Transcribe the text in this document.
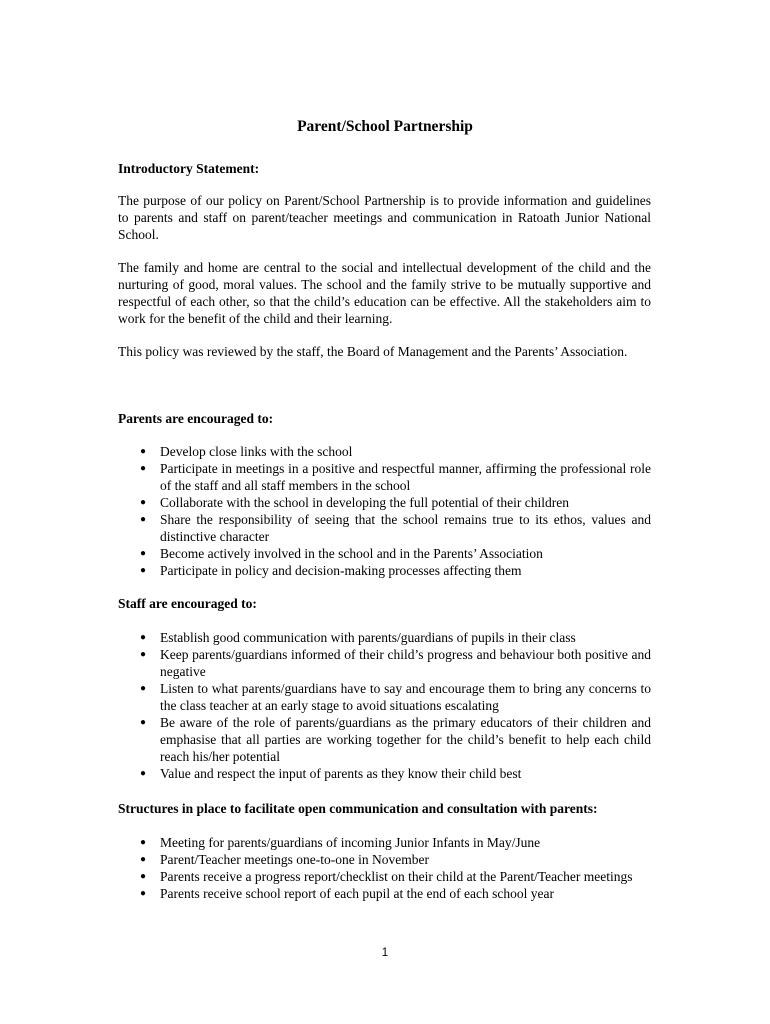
Parent/School Partnership
Introductory Statement:

The purpose of our policy on Parent/School Partnership is to provide information and guidelines to parents and staff on parent/teacher meetings and communication in Ratoath Junior National School.

The family and home are central to the social and intellectual development of the child and the nurturing of good, moral values. The school and the family strive to be mutually supportive and respectful of each other, so that the child’s education can be effective. All the stakeholders aim to work for the benefit of the child and their learning.

This policy was reviewed by the staff, the Board of Management and the Parents’ Association.

Parents are encouraged to:
● Develop close links with the school
● Participate in meetings in a positive and respectful manner, affirming the professional role of the staff and all staff members in the school
● Collaborate with the school in developing the full potential of their children
● Share the responsibility of seeing that the school remains true to its ethos, values and distinctive character
● Become actively involved in the school and in the Parents’ Association
● Participate in policy and decision-making processes affecting them
Staff are encouraged to:
● Establish good communication with parents/guardians of pupils in their class
● Keep parents/guardians informed of their child’s progress and behaviour both positive and negative
● Listen to what parents/guardians have to say and encourage them to bring any concerns to the class teacher at an early stage to avoid situations escalating
● Be aware of the role of parents/guardians as the primary educators of their children and emphasise that all parties are working together for the child’s benefit to help each child reach his/her potential
● Value and respect the input of parents as they know their child best
Structures in place to facilitate open communication and consultation with parents:
● Meeting for parents/guardians of incoming Junior Infants in May/June
● Parent/Teacher meetings one-to-one in November
● Parents receive a progress report/checklist on their child at the Parent/Teacher meetings
● Parents receive school report of each pupil at the end of each school year
1
